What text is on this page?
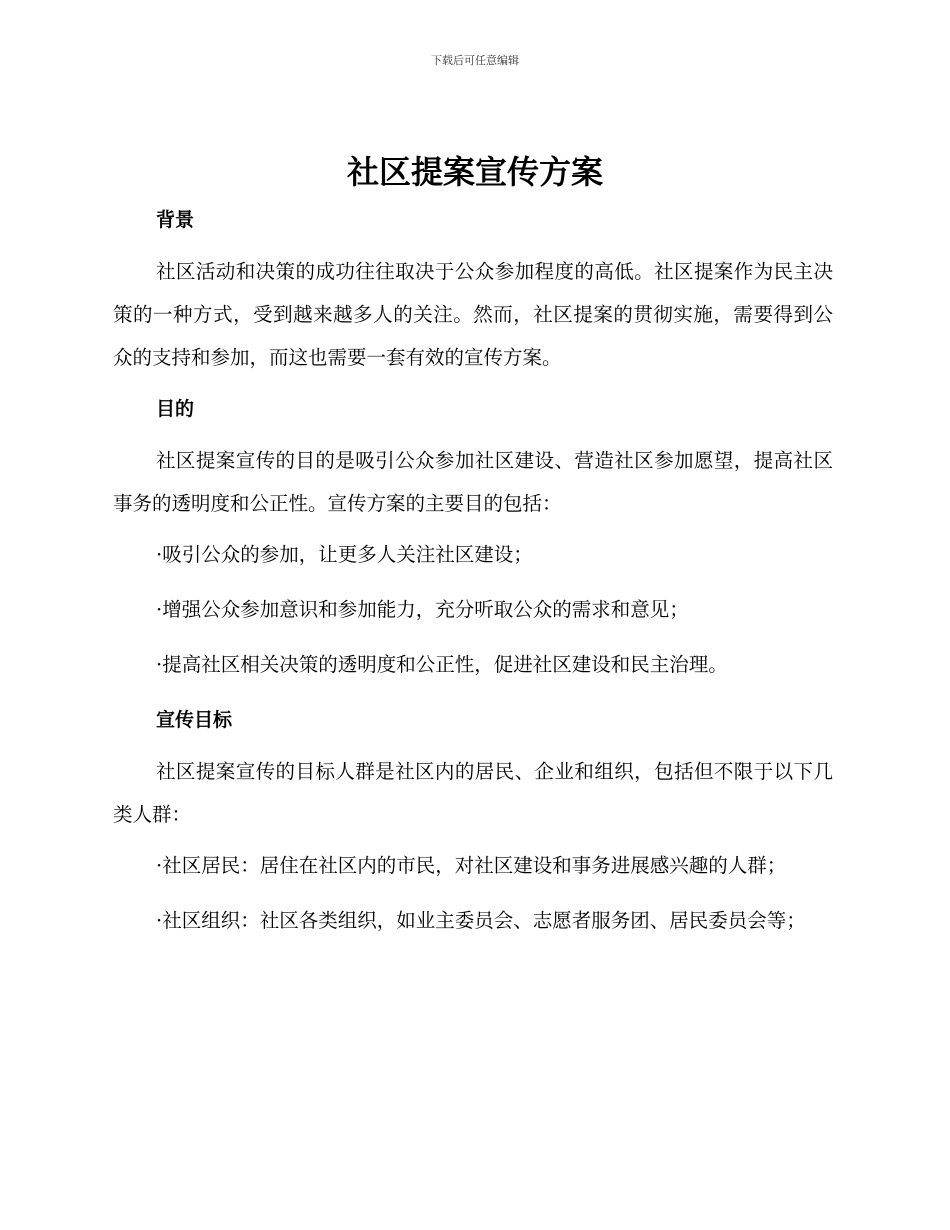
下载后可任意编辑
社区提案宣传方案
背景

社区活动和决策的成功往往取决于公众参加程度的高低。社区提案作为民主决策的一种方式，受到越来越多人的关注。然而，社区提案的贯彻实施，需要得到公众的支持和参加，而这也需要一套有效的宣传方案。

目的

社区提案宣传的目的是吸引公众参加社区建设、营造社区参加愿望，提高社区事务的透明度和公正性。宣传方案的主要目的包括：

·吸引公众的参加，让更多人关注社区建设；

·增强公众参加意识和参加能力，充分听取公众的需求和意见；

·提高社区相关决策的透明度和公正性，促进社区建设和民主治理。

宣传目标

社区提案宣传的目标人群是社区内的居民、企业和组织，包括但不限于以下几类人群：

·社区居民：居住在社区内的市民，对社区建设和事务进展感兴趣的人群；

·社区组织：社区各类组织，如业主委员会、志愿者服务团、居民委员会等；
